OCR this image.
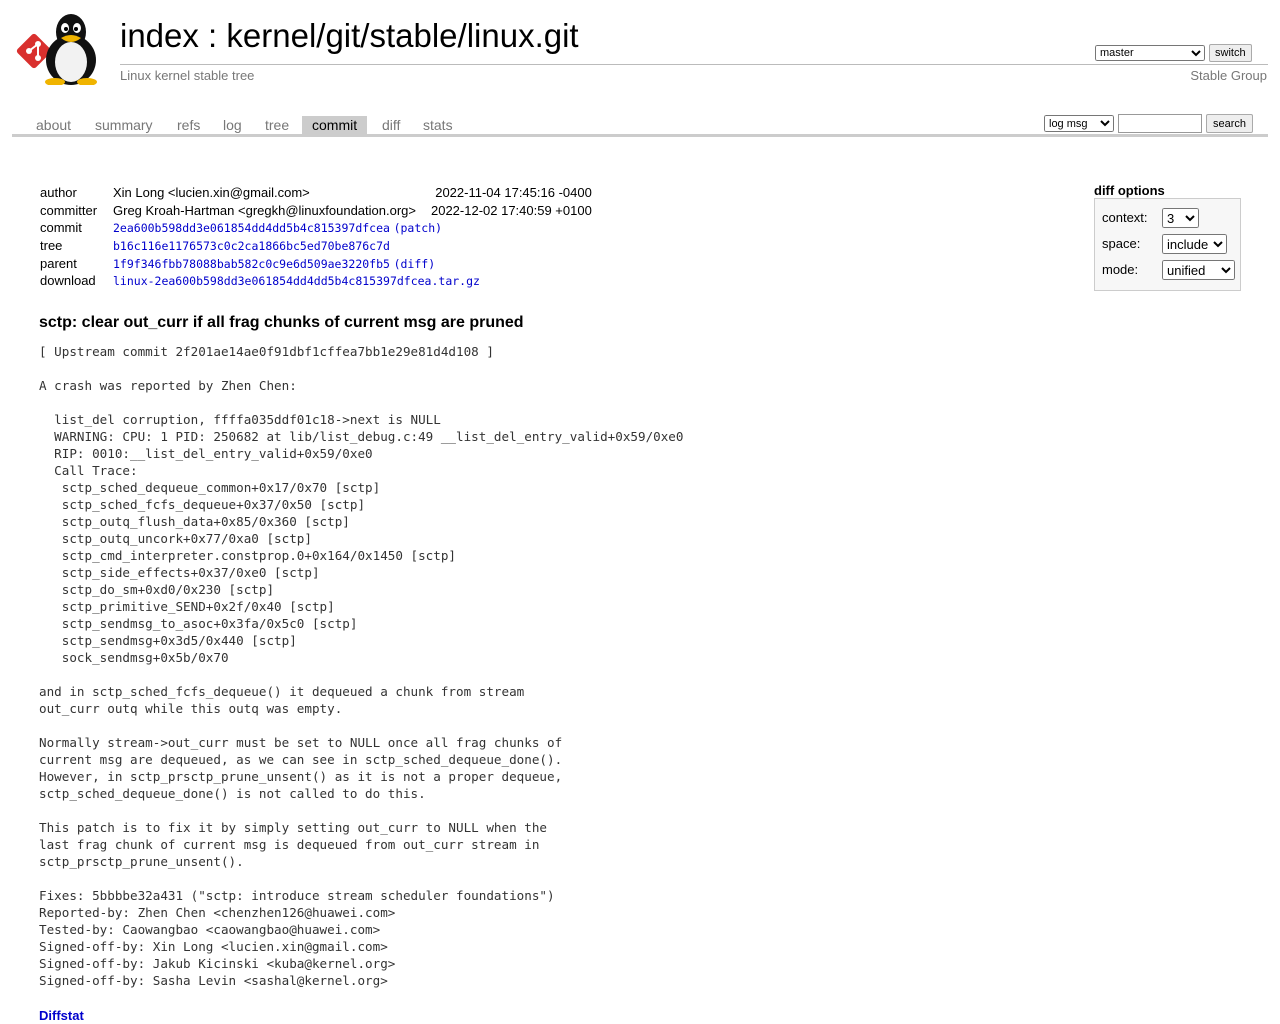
index : kernel/git/stable/linux.git
master	switch
Linux kernel stable tree	Stable Group
about	summary	refs	log	tree	commit	diff	stats
log msg	search
author	Xin Long <lucien.xin@gmail.com>	2022-11-04 17:45:16 -0400
committer	Greg Kroah-Hartman <gregkh@linuxfoundation.org>	2022-12-02 17:40:59 +0100
commit	2ea600b598dd3e061854dd4dd5b4c815397dfcea (patch)	
tree	b16c116e1176573c0c2ca1866bc5ed70be876c7d	
parent	1f9f346fbb78088bab582c0c9e6d509ae3220fb5 (diff)	
download	linux-2ea600b598dd3e061854dd4dd5b4c815397dfcea.tar.gz	
diff options
context:
3
space:
include
mode:
unified
sctp: clear out_curr if all frag chunks of current msg are pruned
[ Upstream commit 2f201ae14ae0f91dbf1cffea7bb1e29e81d4d108 ]

A crash was reported by Zhen Chen:

list_del corruption, ffffa035ddf01c18->next is NULL
WARNING: CPU: 1 PID: 250682 at lib/list_debug.c:49 __list_del_entry_valid+0x59/0xe0
RIP: 0010:__list_del_entry_valid+0x59/0xe0
Call Trace:
sctp_sched_dequeue_common+0x17/0x70 [sctp]
sctp_sched_fcfs_dequeue+0x37/0x50 [sctp]
sctp_outq_flush_data+0x85/0x360 [sctp]
sctp_outq_uncork+0x77/0xa0 [sctp]
sctp_cmd_interpreter.constprop.0+0x164/0x1450 [sctp]
sctp_side_effects+0x37/0xe0 [sctp]
sctp_do_sm+0xd0/0x230 [sctp]
sctp_primitive_SEND+0x2f/0x40 [sctp]
sctp_sendmsg_to_asoc+0x3fa/0x5c0 [sctp]
sctp_sendmsg+0x3d5/0x440 [sctp]
sock_sendmsg+0x5b/0x70

and in sctp_sched_fcfs_dequeue() it dequeued a chunk from stream
out_curr outq while this outq was empty.

Normally stream->out_curr must be set to NULL once all frag chunks of
current msg are dequeued, as we can see in sctp_sched_dequeue_done().
However, in sctp_prsctp_prune_unsent() as it is not a proper dequeue,
sctp_sched_dequeue_done() is not called to do this.

This patch is to fix it by simply setting out_curr to NULL when the
last frag chunk of current msg is dequeued from out_curr stream in
sctp_prsctp_prune_unsent().

Fixes: 5bbbbe32a431 ("sctp: introduce stream scheduler foundations")
Reported-by: Zhen Chen <chenzhen126@huawei.com>
Tested-by: Caowangbao <caowangbao@huawei.com>
Signed-off-by: Xin Long <lucien.xin@gmail.com>
Signed-off-by: Jakub Kicinski <kuba@kernel.org>
Signed-off-by: Sasha Levin <sashal@kernel.org>
Diffstat
